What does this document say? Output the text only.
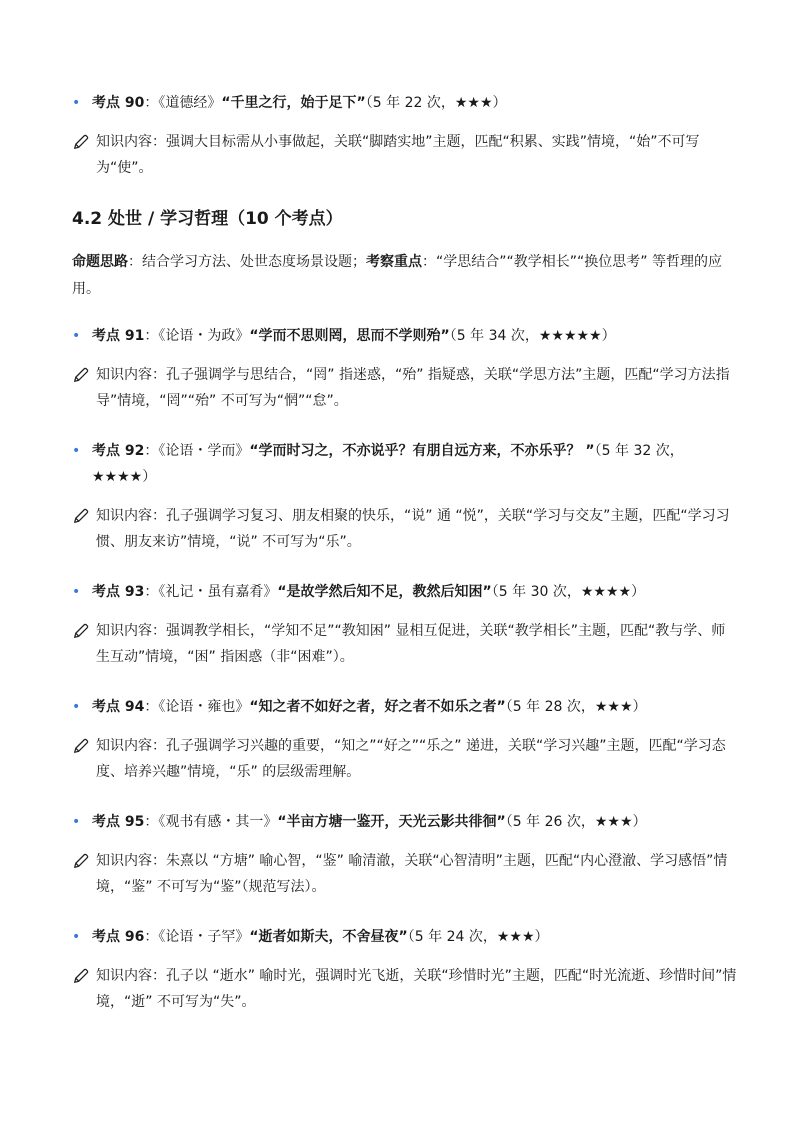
• 考点 90：《道德经》“千里之行，始于足下”（5 年 22 次，★★★）
知识内容：强调大目标需从小事做起，关联“脚踏实地”主题，匹配“积累、实践”情境，“始”不可写为“使”。
4.2 处世 / 学习哲理（10 个考点）
命题思路：结合学习方法、处世态度场景设题；考察重点：“学思结合”“教学相长”“换位思考” 等哲理的应用。
• 考点 91：《论语・为政》“学而不思则罔，思而不学则殆”（5 年 34 次，★★★★★）
知识内容：孔子强调学与思结合，“罔” 指迷惑，“殆” 指疑惑，关联“学思方法”主题，匹配“学习方法指导”情境，“罔”“殆” 不可写为“惘”“怠”。
• 考点 92：《论语・学而》“学而时习之，不亦说乎？有朋自远方来，不亦乐乎？ ”（5 年 32 次，★★★★）
知识内容：孔子强调学习复习、朋友相聚的快乐，“说” 通 “悦”，关联“学习与交友”主题，匹配“学习习惯、朋友来访”情境，“说” 不可写为“乐”。
• 考点 93：《礼记・虽有嘉肴》“是故学然后知不足，教然后知困”（5 年 30 次，★★★★）
知识内容：强调教学相长，“学知不足”“教知困” 显相互促进，关联“教学相长”主题，匹配“教与学、师生互动”情境，“困” 指困惑（非“困难”）。
• 考点 94：《论语・雍也》“知之者不如好之者，好之者不如乐之者”（5 年 28 次，★★★）
知识内容：孔子强调学习兴趣的重要，“知之”“好之”“乐之” 递进，关联“学习兴趣”主题，匹配“学习态度、培养兴趣”情境，“乐” 的层级需理解。
• 考点 95：《观书有感・其一》“半亩方塘一鉴开，天光云影共徘徊”（5 年 26 次，★★★）
知识内容：朱熹以 “方塘” 喻心智，“鉴” 喻清澈，关联“心智清明”主题，匹配“内心澄澈、学习感悟”情境，“鉴” 不可写为“鉴”（规范写法）。
• 考点 96：《论语・子罕》“逝者如斯夫，不舍昼夜”（5 年 24 次，★★★）
知识内容：孔子以 “逝水” 喻时光，强调时光飞逝，关联“珍惜时光”主题，匹配“时光流逝、珍惜时间”情境，“逝” 不可写为“失”。
